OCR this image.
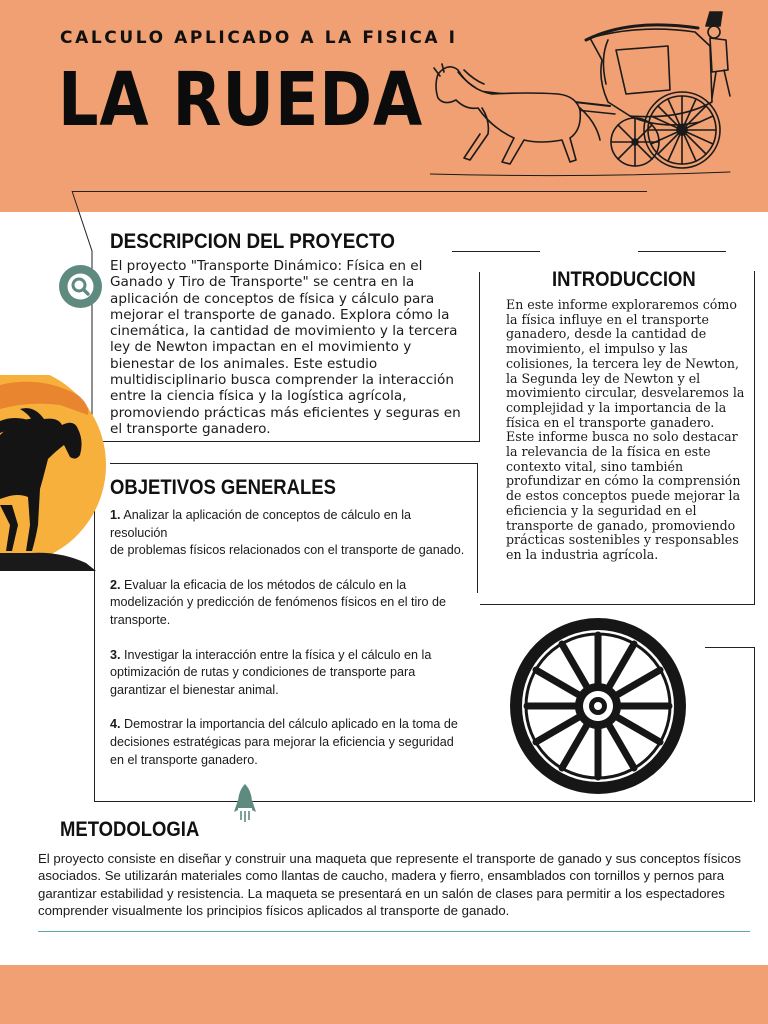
CALCULO APLICADO A LA FISICA I
LA RUEDA
DESCRIPCION DEL PROYECTO
El proyecto "Transporte Dinámico: Física en el Ganado y Tiro de Transporte" se centra en la aplicación de conceptos de física y cálculo para mejorar el transporte de ganado. Explora cómo la cinemática, la cantidad de movimiento y la tercera ley de Newton impactan en el movimiento y bienestar de los animales. Este estudio multidisciplinario busca comprender la interacción entre la ciencia física y la logística agrícola, promoviendo prácticas más eficientes y seguras en el transporte ganadero.
INTRODUCCION
En este informe exploraremos cómo la física influye en el transporte ganadero, desde la cantidad de movimiento, el impulso y las colisiones, la tercera ley de Newton, la Segunda ley de Newton y el movimiento circular, desvelaremos la complejidad y la importancia de la física en el transporte ganadero. Este informe busca no solo destacar la relevancia de la física en este contexto vital, sino también profundizar en cómo la comprensión de estos conceptos puede mejorar la eficiencia y la seguridad en el transporte de ganado, promoviendo prácticas sostenibles y responsables en la industria agrícola.
OBJETIVOS GENERALES
1. Analizar la aplicación de conceptos de cálculo en la resolución
de problemas físicos relacionados con el transporte de ganado.
2. Evaluar la eficacia de los métodos de cálculo en la modelización y predicción de fenómenos físicos en el tiro de transporte.
3. Investigar la interacción entre la física y el cálculo en la optimización de rutas y condiciones de transporte para garantizar el bienestar animal.
4. Demostrar la importancia del cálculo aplicado en la toma de decisiones estratégicas para mejorar la eficiencia y seguridad en el transporte ganadero.
METODOLOGIA
El proyecto consiste en diseñar y construir una maqueta que represente el transporte de ganado y sus conceptos físicos asociados. Se utilizarán materiales como llantas de caucho, madera y fierro, ensamblados con tornillos y pernos para garantizar estabilidad y resistencia. La maqueta se presentará en un salón de clases para permitir a los espectadores comprender visualmente los principios físicos aplicados al transporte de ganado.
